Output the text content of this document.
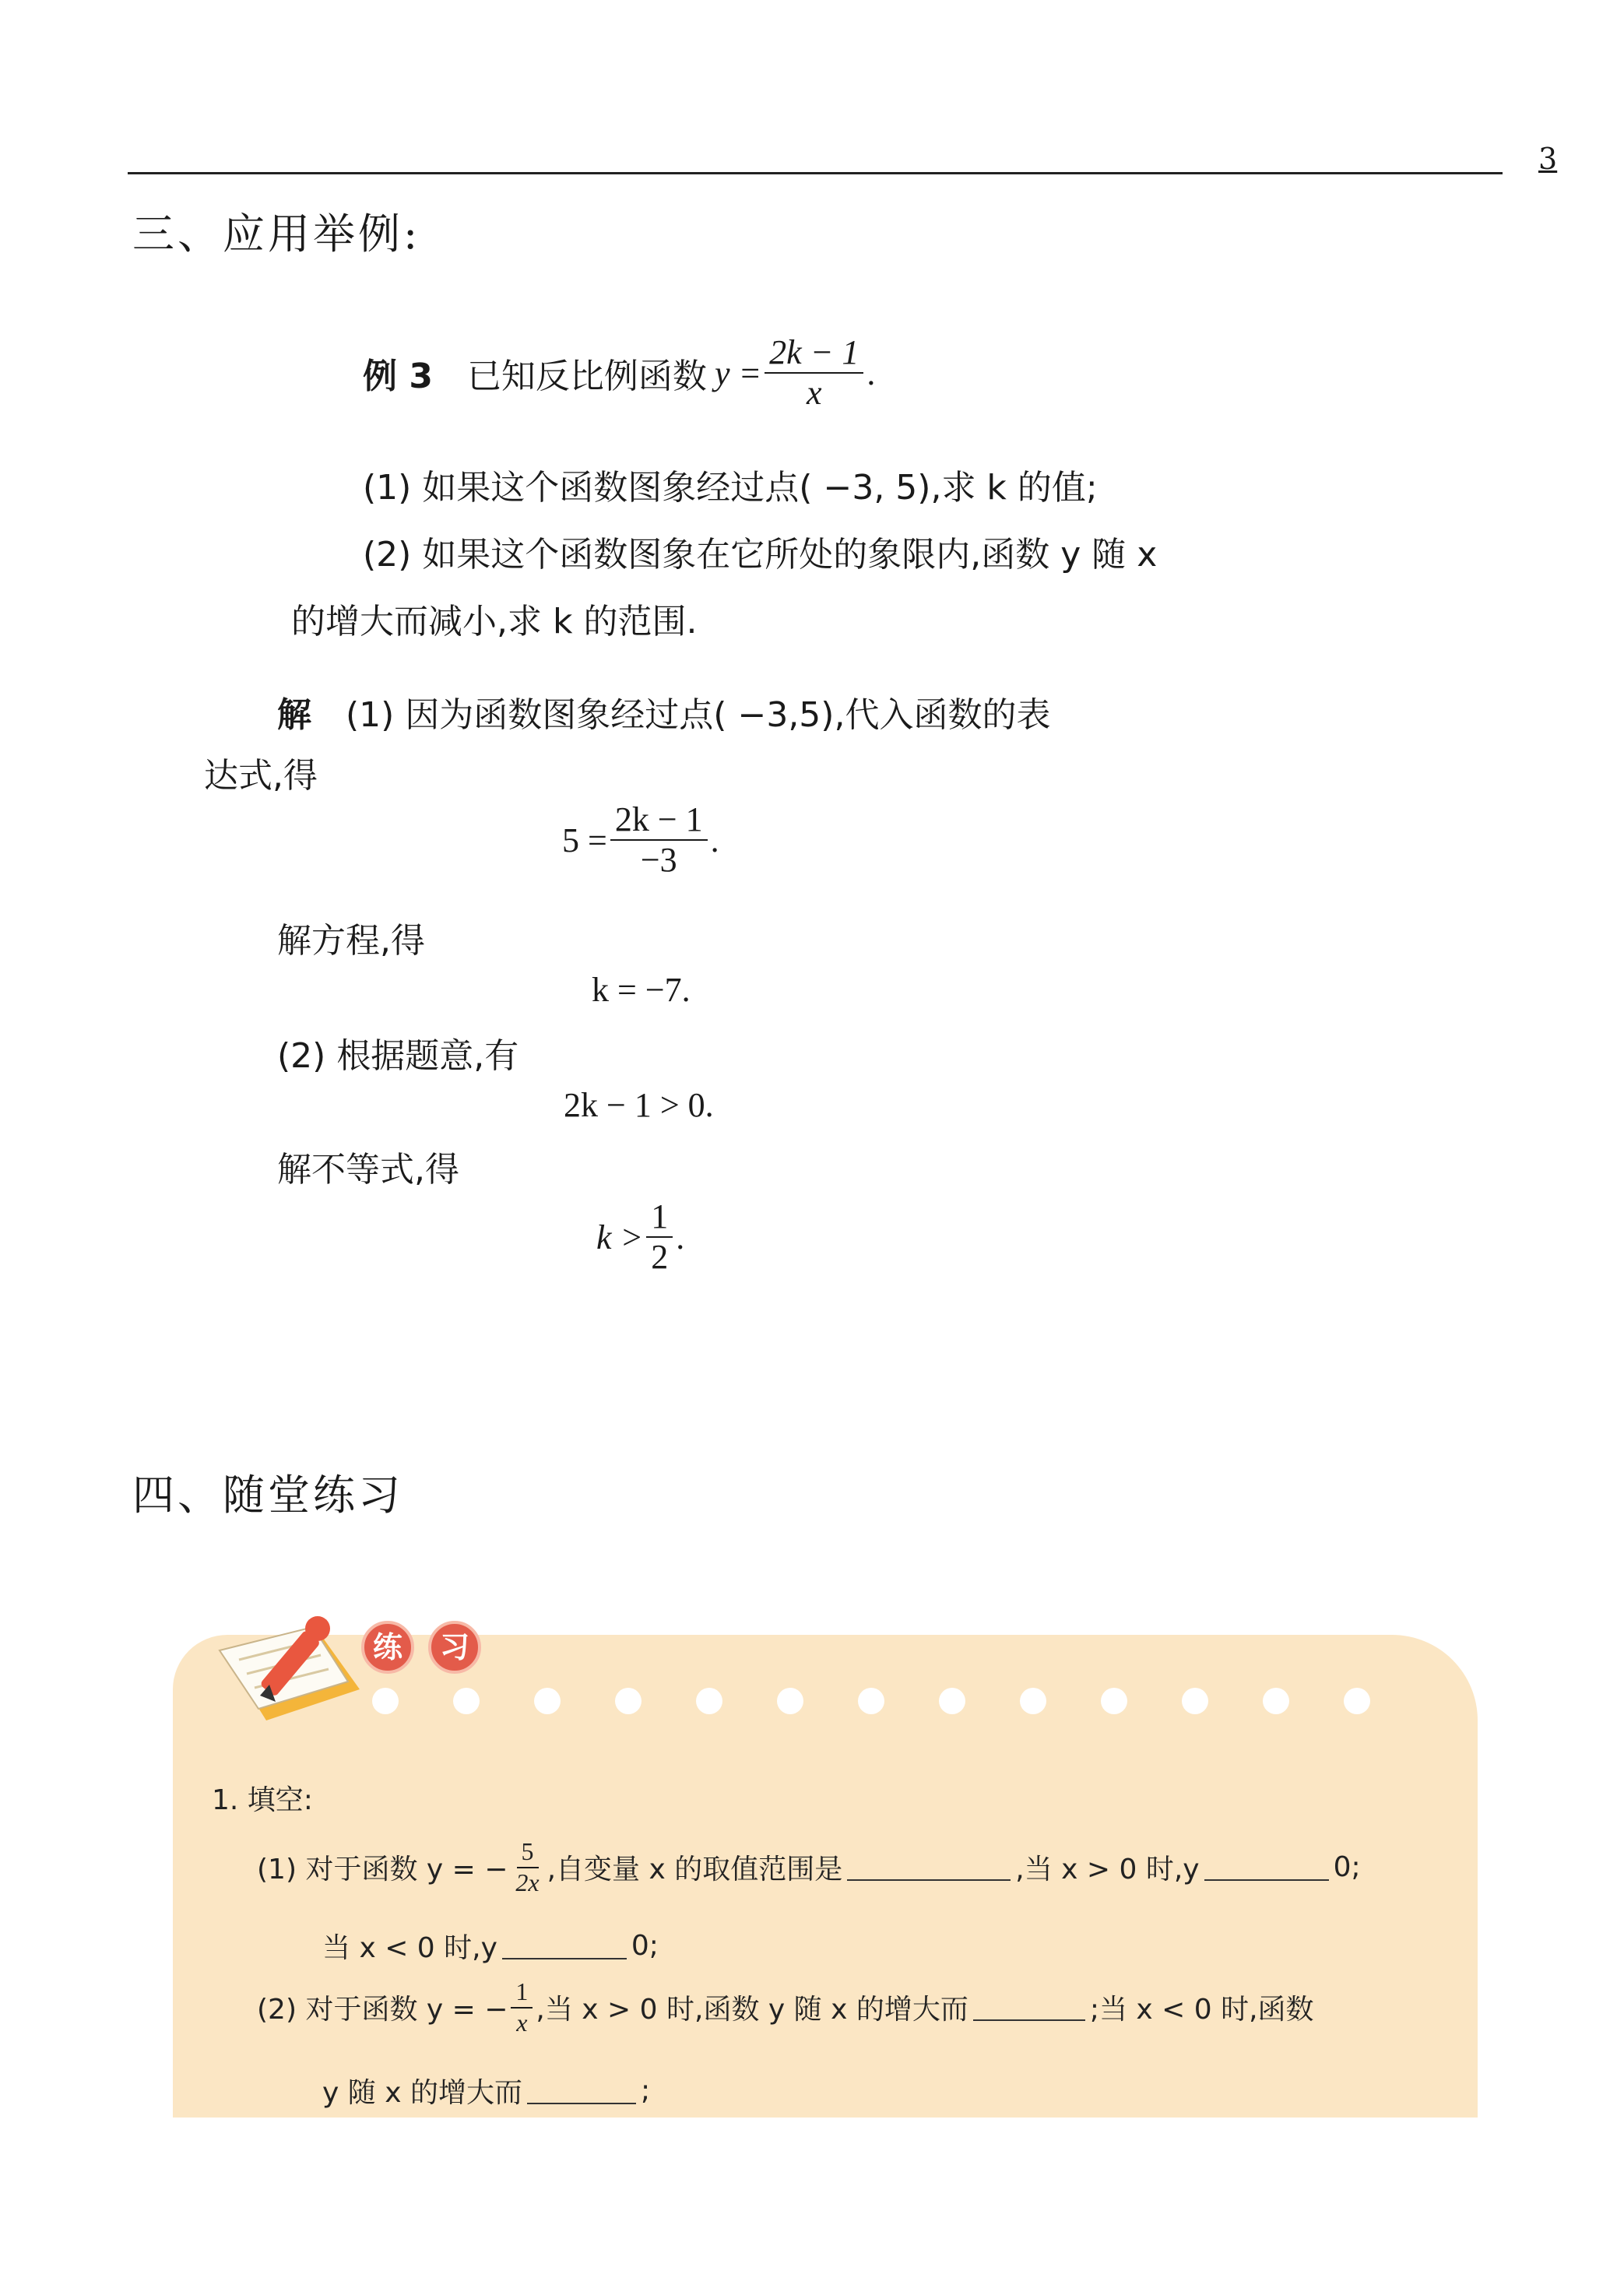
3
三、应用举例:
例 3 已知反比例函数 $y = \frac{2k - 1}{x}$ .
(1) 如果这个函数图象经过点( −3, 5),求 k 的值;
(2) 如果这个函数图象在它所处的象限内,函数 y 随 x
的增大而减小,求 k 的范围.
解 (1) 因为函数图象经过点( −3,5),代入函数的表
达式,得
$5 = \frac{2k - 1}{-3}$ .
解方程,得
k = −7.
(2) 根据题意,有
2k − 1 > 0.
解不等式,得
$k > \frac{1}{2}$ .
四、随堂练习
练	习
1. 填空:
(1) 对于函数 y = − $\frac{5}{2x}$ ,自变量 x 的取值范围是	,当 x > 0 时,y	0;
当 x < 0 时,y	0;
(2) 对于函数 y = − $\frac{1}{x}$ ,当 x > 0 时,函数 y 随 x 的增大而	;当 x < 0 时,函数
y 随 x 的增大而	;
